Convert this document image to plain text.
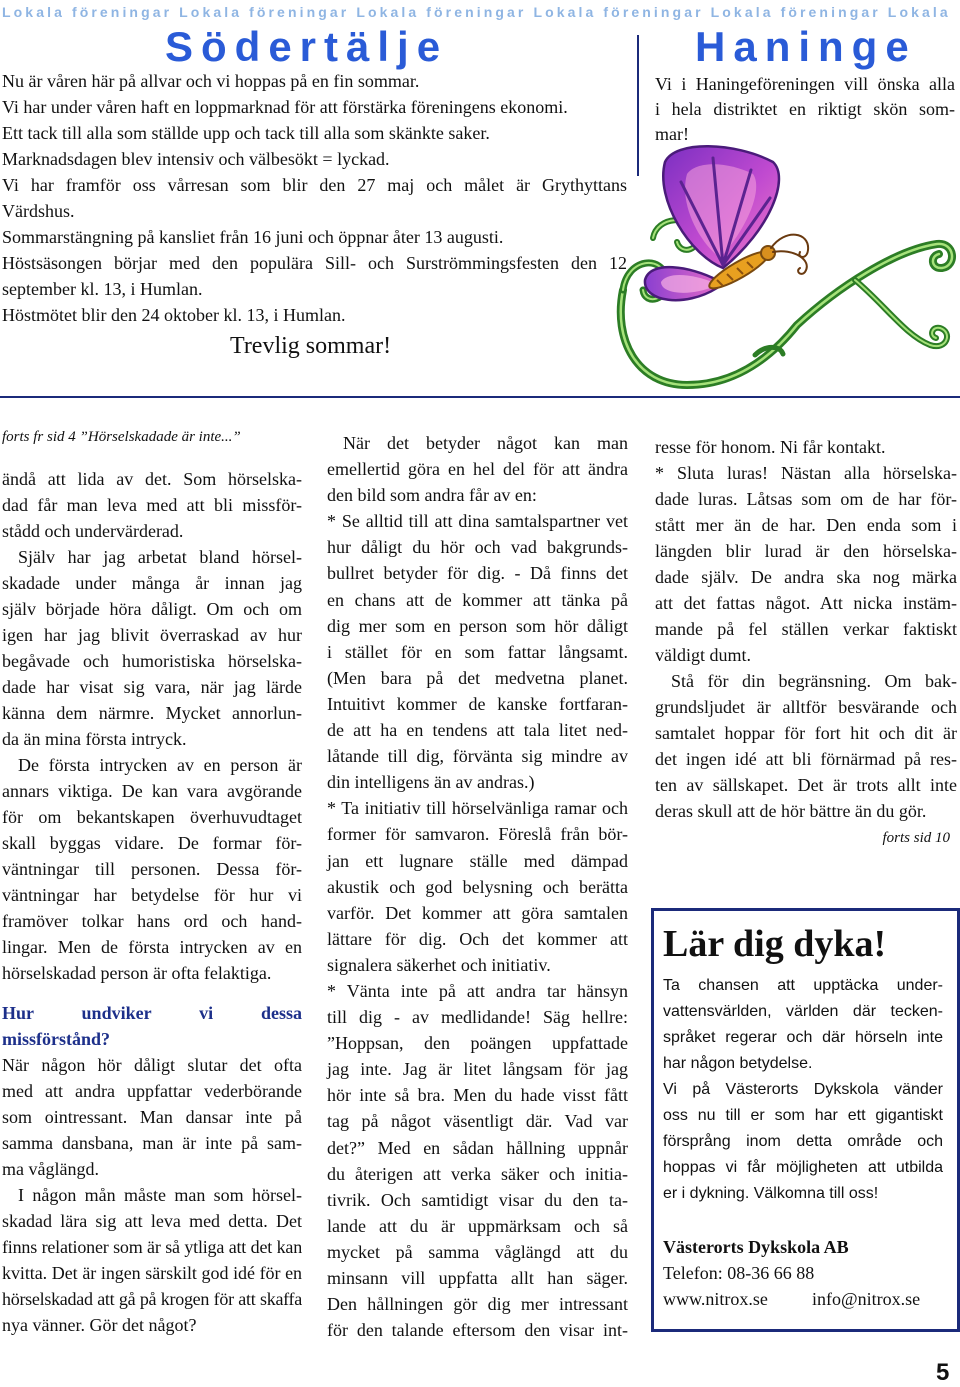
Lokala föreningar Lokala föreningar Lokala föreningar Lokala föreningar Lokala föreningar Lokala
Södertälje
Nu är våren här på allvar och vi hoppas på en fin sommar.
Vi har under våren haft en loppmarknad för att förstärka föreningens ekonomi.
Ett tack till alla som ställde upp och tack till alla som skänkte saker.
Marknadsdagen blev intensiv och välbesökt = lyckad.
Vi har framför oss vårresan som blir den 27 maj och målet är Grythyttans
Värdshus.
Sommarstängning på kansliet från 16 juni och öppnar åter 13 augusti.
Höstsäsongen börjar med den populära Sill- och Surströmmingsfesten den 12
september kl. 13, i Humlan.
Höstmötet blir den 24 oktober kl. 13, i Humlan.
Trevlig sommar!
Haninge
Vi i Haningeföreningen vill önska alla
i hela distriktet en riktigt skön som-
mar!
forts fr sid 4 ”Hörselskadade är inte...”
ändå att lida av det. Som hörselska-
dad får man leva med att bli missför-
stådd och undervärderad.
Själv har jag arbetat bland hörsel-
skadade under många år innan jag
själv började höra dåligt. Om och om
igen har jag blivit överraskad av hur
begåvade och humoristiska hörselska-
dade har visat sig vara, när jag lärde
känna dem närmre. Mycket annorlun-
da än mina första intryck.
De första intrycken av en person är
annars viktiga. De kan vara avgörande
för om bekantskapen överhuvudtaget
skall byggas vidare. De formar för-
väntningar till personen. Dessa för-
väntningar har betydelse för hur vi
framöver tolkar hans ord och hand-
lingar. Men de första intrycken av en
hörselskadad person är ofta felaktiga.
Hur undviker vi dessa
missförstånd?
När någon hör dåligt slutar det ofta
med att andra uppfattar vederbörande
som ointressant. Man dansar inte på
samma dansbana, man är inte på sam-
ma våglängd.
I någon mån måste man som hörsel-
skadad lära sig att leva med detta. Det
finns relationer som är så ytliga att det kan
kvitta. Det är ingen särskilt god idé för en
hörselskadad att gå på krogen för att skaffa
nya vänner. Gör det något?
När det betyder något kan man
emellertid göra en hel del för att ändra
den bild som andra får av en:
* Se alltid till att dina samtalspartner vet
hur dåligt du hör och vad bakgrunds-
bullret betyder för dig. - Då finns det
en chans att de kommer att tänka på
dig mer som en person som hör dåligt
i stället för en som fattar långsamt.
(Men bara på det medvetna planet.
Intuitivt kommer de kanske fortfaran-
de att ha en tendens att tala litet ned-
låtande till dig, förvänta sig mindre av
din intelligens än av andras.)
* Ta initiativ till hörselvänliga ramar och
former för samvaron. Föreslå från bör-
jan ett lugnare ställe med dämpad
akustik och god belysning och berätta
varför. Det kommer att göra samtalen
lättare för dig. Och det kommer att
signalera säkerhet och initiativ.
* Vänta inte på att andra tar hänsyn
till dig - av medlidande! Säg hellre:
”Hoppsan, den poängen uppfattade
jag inte. Jag är litet långsam för jag
hör inte så bra. Men du hade visst fått
tag på något väsentligt där. Vad var
det?” Med en sådan hållning uppnår
du återigen att verka säker och initia-
tivrik. Och samtidigt visar du den ta-
lande att du är uppmärksam och så
mycket på samma våglängd att du
minsann vill uppfatta allt han säger.
Den hållningen gör dig mer intressant
för den talande eftersom den visar int-
resse för honom. Ni får kontakt.
* Sluta luras! Nästan alla hörselska-
dade luras. Låtsas som om de har för-
stått mer än de har. Den enda som i
längden blir lurad är den hörselska-
dade själv. De andra ska nog märka
att det fattas något. Att nicka instäm-
mande på fel ställen verkar faktiskt
väldigt dumt.
Stå för din begränsning. Om bak-
grundsljudet är alltför besvärande och
samtalet hoppar för fort hit och dit är
det ingen idé att bli förnärmad på res-
ten av sällskapet. Det är trots allt inte
deras skull att de hör bättre än du gör.
forts sid 10
Lär dig dyka!
Ta chansen att upptäcka under-
vattensvärlden, världen där tecken-
språket regerar och där hörseln inte
har någon betydelse.
Vi på Västerorts Dykskola vänder
oss nu till er som har ett gigantiskt
försprång inom detta område och
hoppas vi får möjligheten att utbilda
er i dykning. Välkomna till oss!
Västerorts Dykskola AB
Telefon: 08-36 66 88
www.nitrox.se info@nitrox.se
5
